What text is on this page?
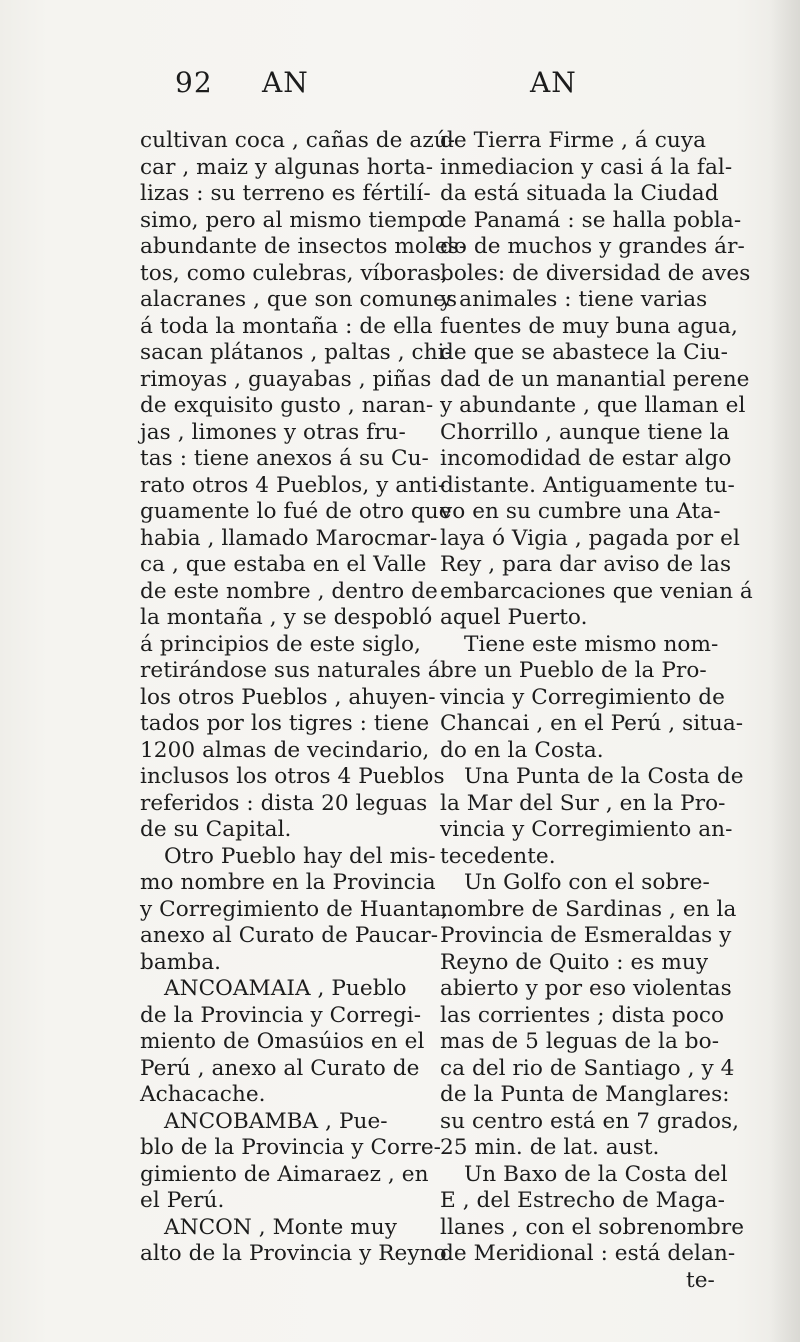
92 AN	AN
cultivan coca , cañas de azú-
car , maiz y algunas horta-
lizas : su terreno es fértilí-
simo, pero al mismo tiempo
abundante de insectos moles-
tos, como culebras, víboras,
alacranes , que son comunes
á toda la montaña : de ella
sacan plátanos , paltas , chi-
rimoyas , guayabas , piñas
de exquisito gusto , naran-
jas , limones y otras fru-
tas : tiene anexos á su Cu-
rato otros 4 Pueblos, y anti-
guamente lo fué de otro que
habia , llamado Marocmar-
ca , que estaba en el Valle
de este nombre , dentro de
la montaña , y se despobló
á principios de este siglo,
retirándose sus naturales á
los otros Pueblos , ahuyen-
tados por los tigres : tiene
1200 almas de vecindario,
inclusos los otros 4 Pueblos
referidos : dista 20 leguas
de su Capital.
Otro Pueblo hay del mis-
mo nombre en la Provincia
y Corregimiento de Huanta,
anexo al Curato de Paucar-
bamba.
ANCOAMAIA , Pueblo
de la Provincia y Corregi-
miento de Omasúios en el
Perú , anexo al Curato de
Achacache.
ANCOBAMBA , Pue-
blo de la Provincia y Corre-
gimiento de Aimaraez , en
el Perú.
ANCON , Monte muy
alto de la Provincia y Reyno
de Tierra Firme , á cuya
inmediacion y casi á la fal-
da está situada la Ciudad
de Panamá : se halla pobla-
do de muchos y grandes ár-
boles: de diversidad de aves
y animales : tiene varias
fuentes de muy buna agua,
de que se abastece la Ciu-
dad de un manantial perene
y abundante , que llaman el
Chorrillo , aunque tiene la
incomodidad de estar algo
distante. Antiguamente tu-
vo en su cumbre una Ata-
laya ó Vigia , pagada por el
Rey , para dar aviso de las
embarcaciones que venian á
aquel Puerto.
Tiene este mismo nom-
bre un Pueblo de la Pro-
vincia y Corregimiento de
Chancai , en el Perú , situa-
do en la Costa.
Una Punta de la Costa de
la Mar del Sur , en la Pro-
vincia y Corregimiento an-
tecedente.
Un Golfo con el sobre-
nombre de Sardinas , en la
Provincia de Esmeraldas y
Reyno de Quito : es muy
abierto y por eso violentas
las corrientes ; dista poco
mas de 5 leguas de la bo-
ca del rio de Santiago , y 4
de la Punta de Manglares:
su centro está en 7 grados,
25 min. de lat. aust.
Un Baxo de la Costa del
E , del Estrecho de Maga-
llanes , con el sobrenombre
de Meridional : está delan-
te-
